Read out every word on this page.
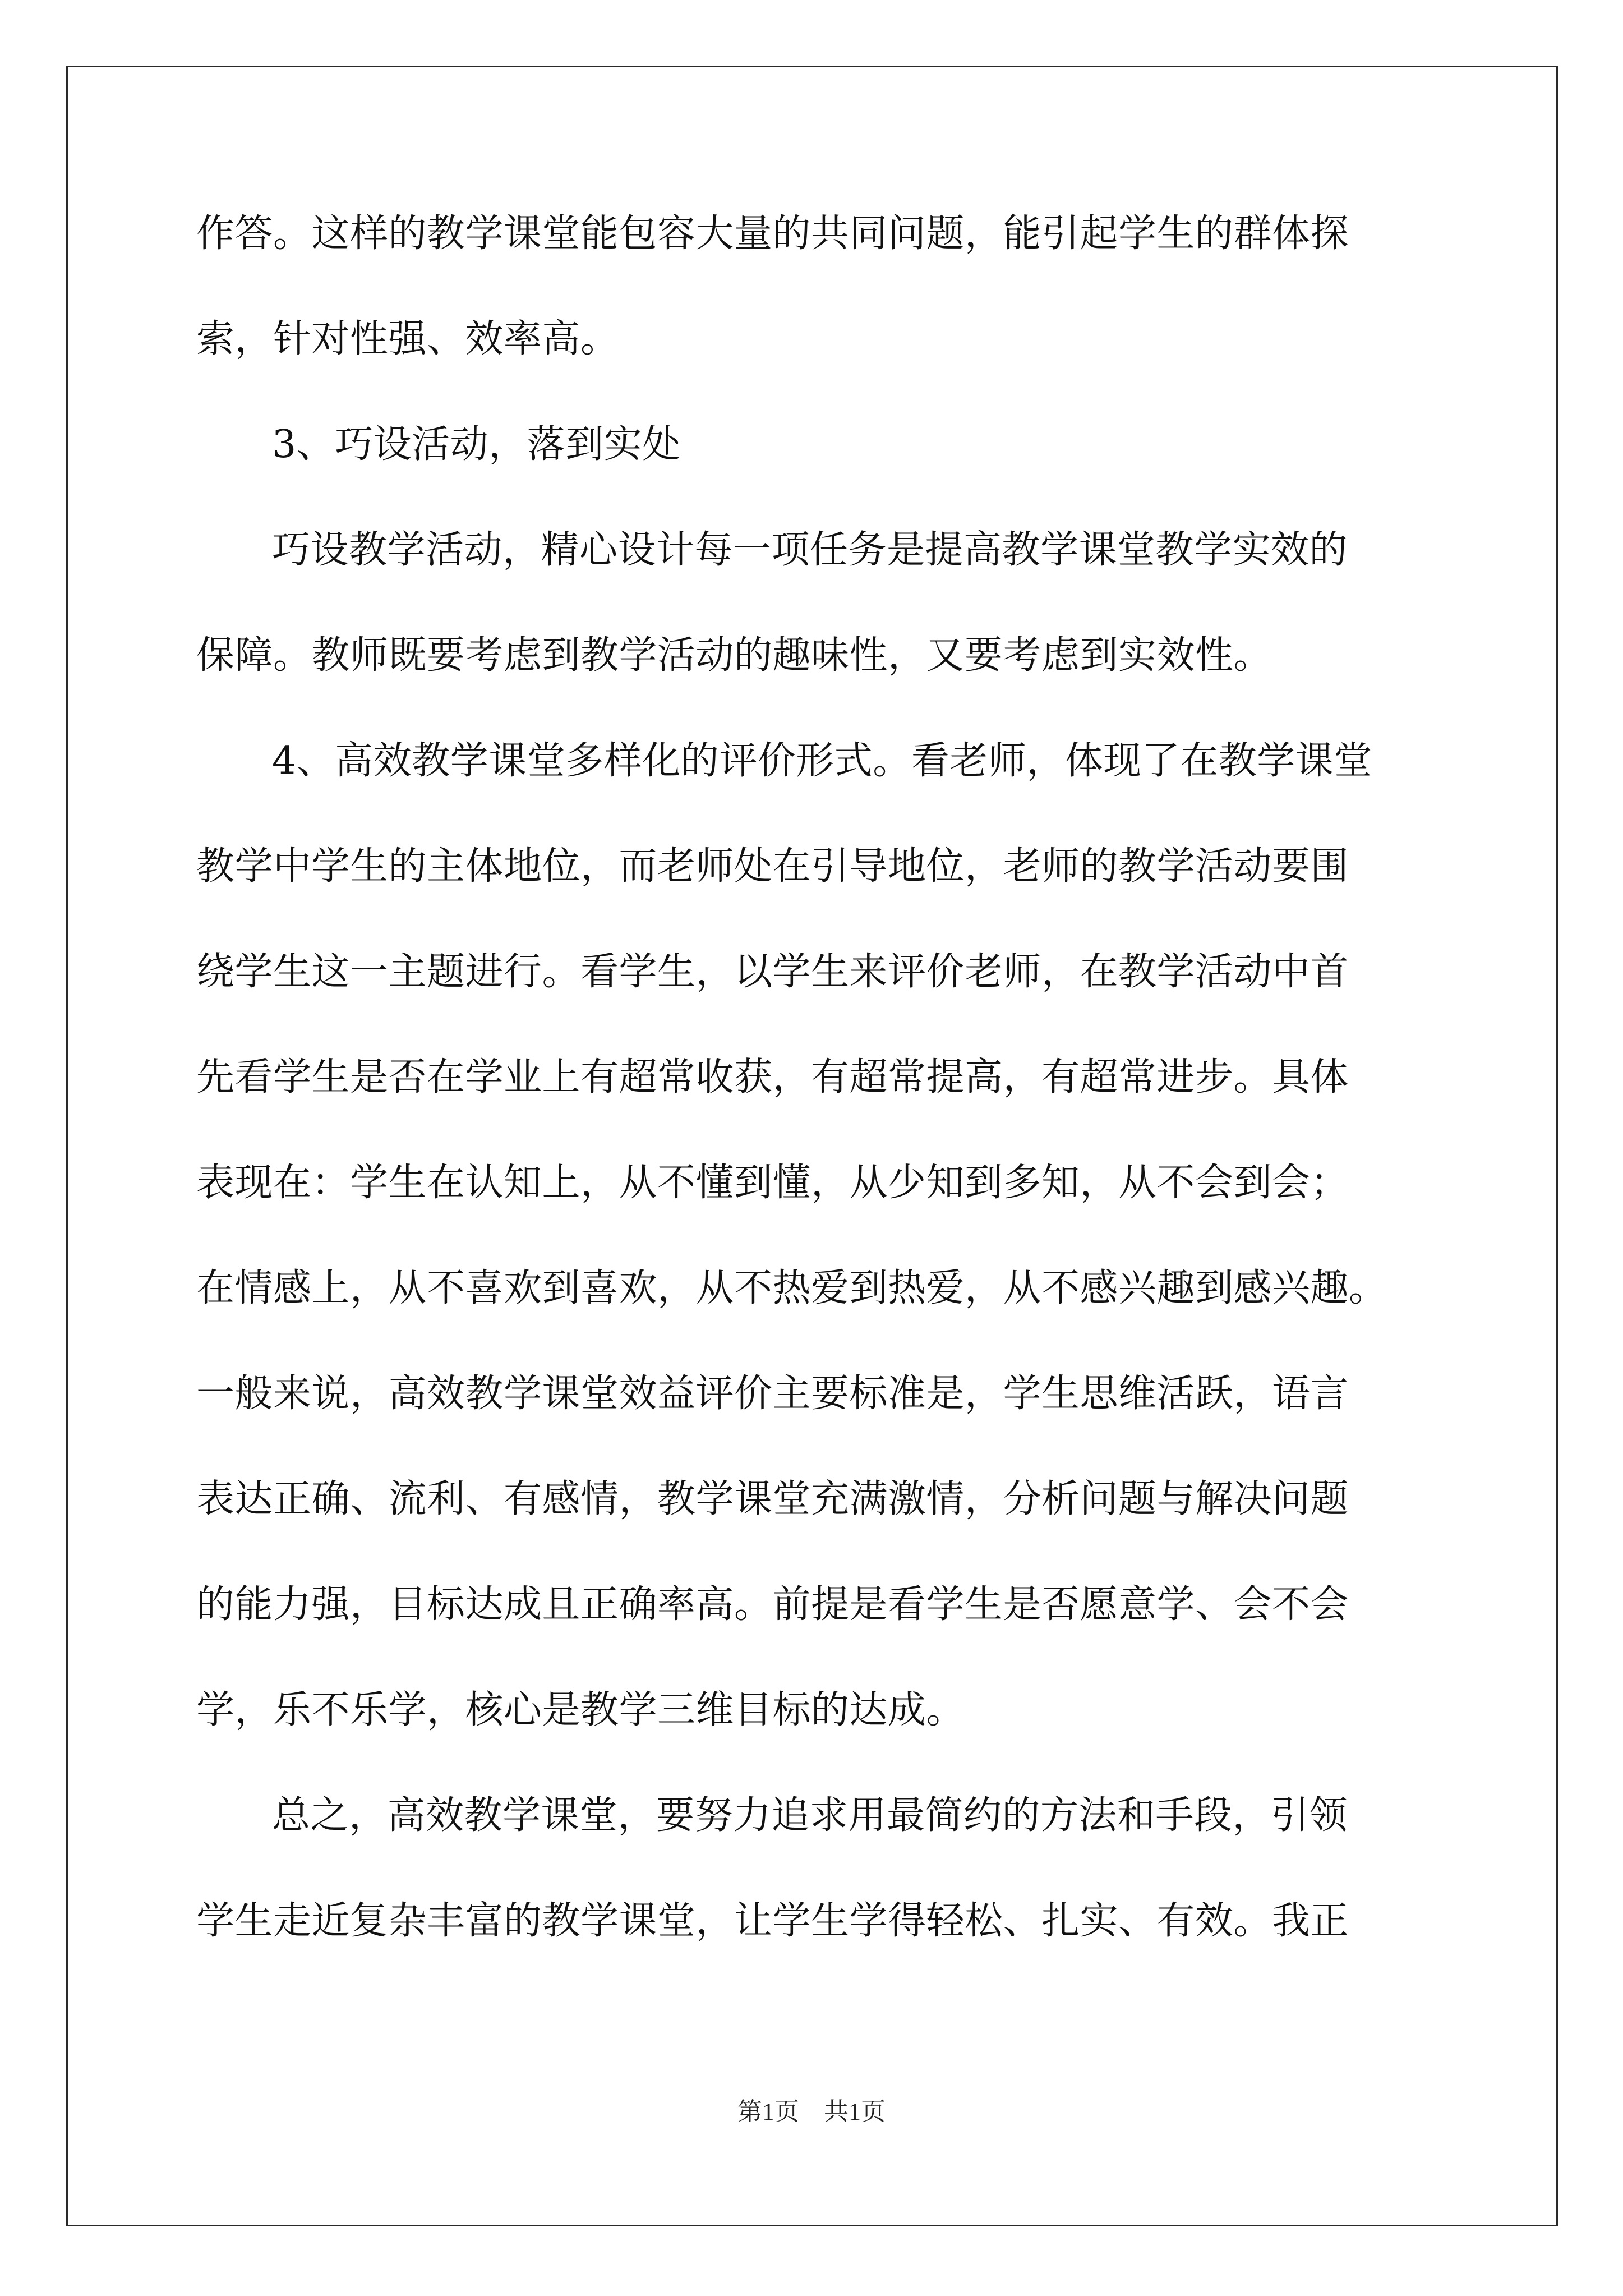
作答。这样的教学课堂能包容大量的共同问题，能引起学生的群体探
索，针对性强、效率高。
3、巧设活动，落到实处
巧设教学活动，精心设计每一项任务是提高教学课堂教学实效的
保障。教师既要考虑到教学活动的趣味性，又要考虑到实效性。
4、高效教学课堂多样化的评价形式。看老师，体现了在教学课堂
教学中学生的主体地位，而老师处在引导地位，老师的教学活动要围
绕学生这一主题进行。看学生，以学生来评价老师，在教学活动中首
先看学生是否在学业上有超常收获，有超常提高，有超常进步。具体
表现在：学生在认知上，从不懂到懂，从少知到多知，从不会到会；
在情感上，从不喜欢到喜欢，从不热爱到热爱，从不感兴趣到感兴趣。
一般来说，高效教学课堂效益评价主要标准是，学生思维活跃，语言
表达正确、流利、有感情，教学课堂充满激情，分析问题与解决问题
的能力强，目标达成且正确率高。前提是看学生是否愿意学、会不会
学，乐不乐学，核心是教学三维目标的达成。
总之，高效教学课堂，要努力追求用最简约的方法和手段，引领
学生走近复杂丰富的教学课堂，让学生学得轻松、扎实、有效。我正
第1页 共1页
